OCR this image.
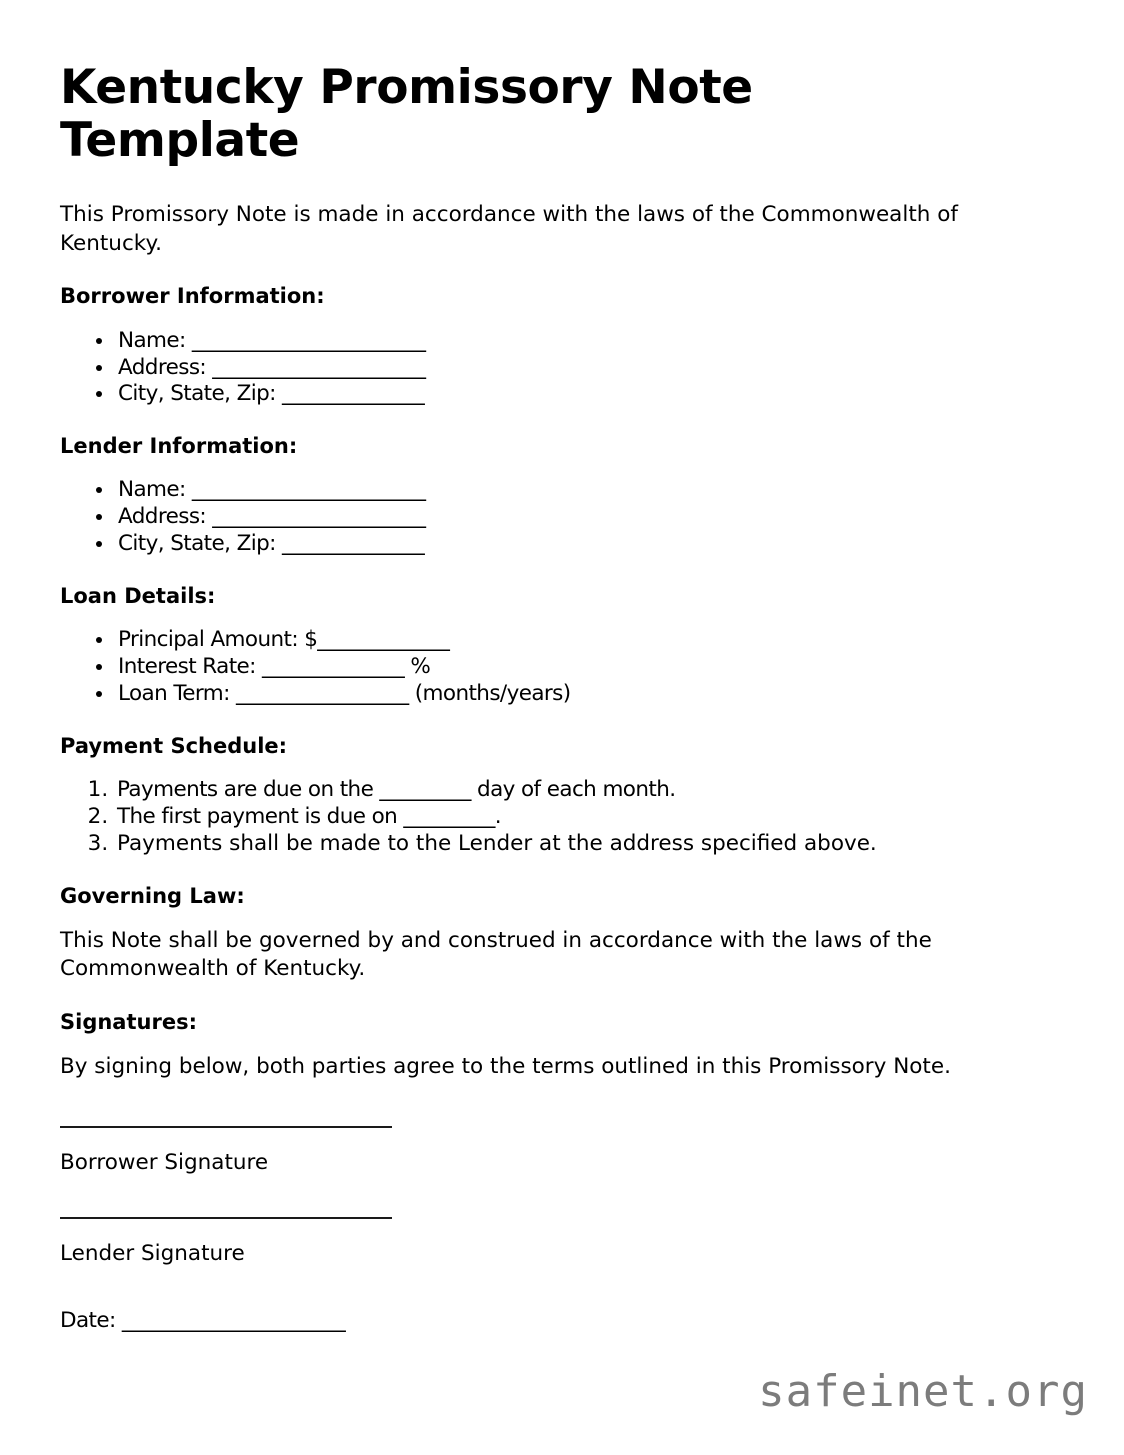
Kentucky Promissory Note Template

This Promissory Note is made in accordance with the laws of the Commonwealth of Kentucky.

Borrower Information:
• Name: _______________________
• Address: _____________________
• City, State, Zip: ______________
Lender Information:
• Name: _______________________
• Address: _____________________
• City, State, Zip: ______________
Loan Details:
• Principal Amount: $_____________
• Interest Rate: ______________ %
• Loan Term: _________________ (months/years)
Payment Schedule:
1. Payments are due on the _________ day of each month.
2. The first payment is due on _________.
3. Payments shall be made to the Lender at the address specified above.
Governing Law:

This Note shall be governed by and construed in accordance with the laws of the Commonwealth of Kentucky.

Signatures:

By signing below, both parties agree to the terms outlined in this Promissory Note.

Borrower Signature

Lender Signature

Date: ______________________

safeinet.org
